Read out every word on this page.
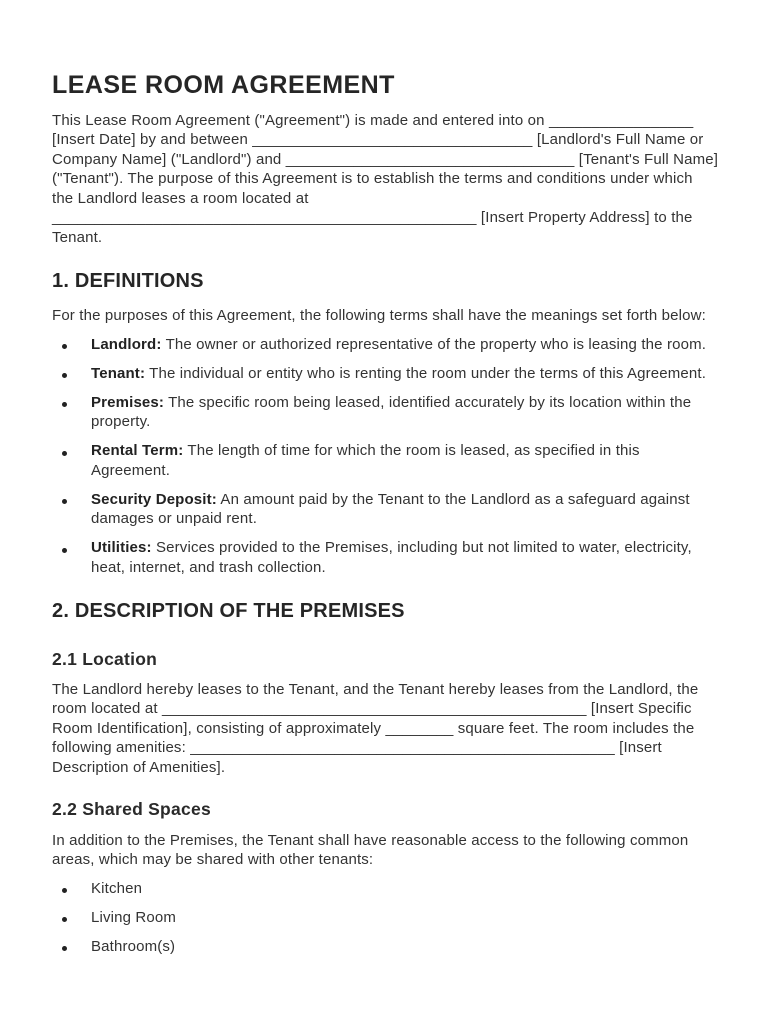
LEASE ROOM AGREEMENT
This Lease Room Agreement ("Agreement") is made and entered into on _________________
[Insert Date] by and between _________________________________ [Landlord's Full Name or
Company Name] ("Landlord") and __________________________________ [Tenant's Full Name]
("Tenant"). The purpose of this Agreement is to establish the terms and conditions under which
the Landlord leases a room located at
__________________________________________________ [Insert Property Address] to the
Tenant.
1. DEFINITIONS
For the purposes of this Agreement, the following terms shall have the meanings set forth below:
Landlord: The owner or authorized representative of the property who is leasing the room.
Tenant: The individual or entity who is renting the room under the terms of this Agreement.
Premises: The specific room being leased, identified accurately by its location within the
property.
Rental Term: The length of time for which the room is leased, as specified in this
Agreement.
Security Deposit: An amount paid by the Tenant to the Landlord as a safeguard against
damages or unpaid rent.
Utilities: Services provided to the Premises, including but not limited to water, electricity,
heat, internet, and trash collection.
2. DESCRIPTION OF THE PREMISES
2.1 Location
The Landlord hereby leases to the Tenant, and the Tenant hereby leases from the Landlord, the
room located at __________________________________________________ [Insert Specific
Room Identification], consisting of approximately ________ square feet. The room includes the
following amenities: __________________________________________________ [Insert
Description of Amenities].
2.2 Shared Spaces
In addition to the Premises, the Tenant shall have reasonable access to the following common
areas, which may be shared with other tenants:
Kitchen
Living Room
Bathroom(s)
